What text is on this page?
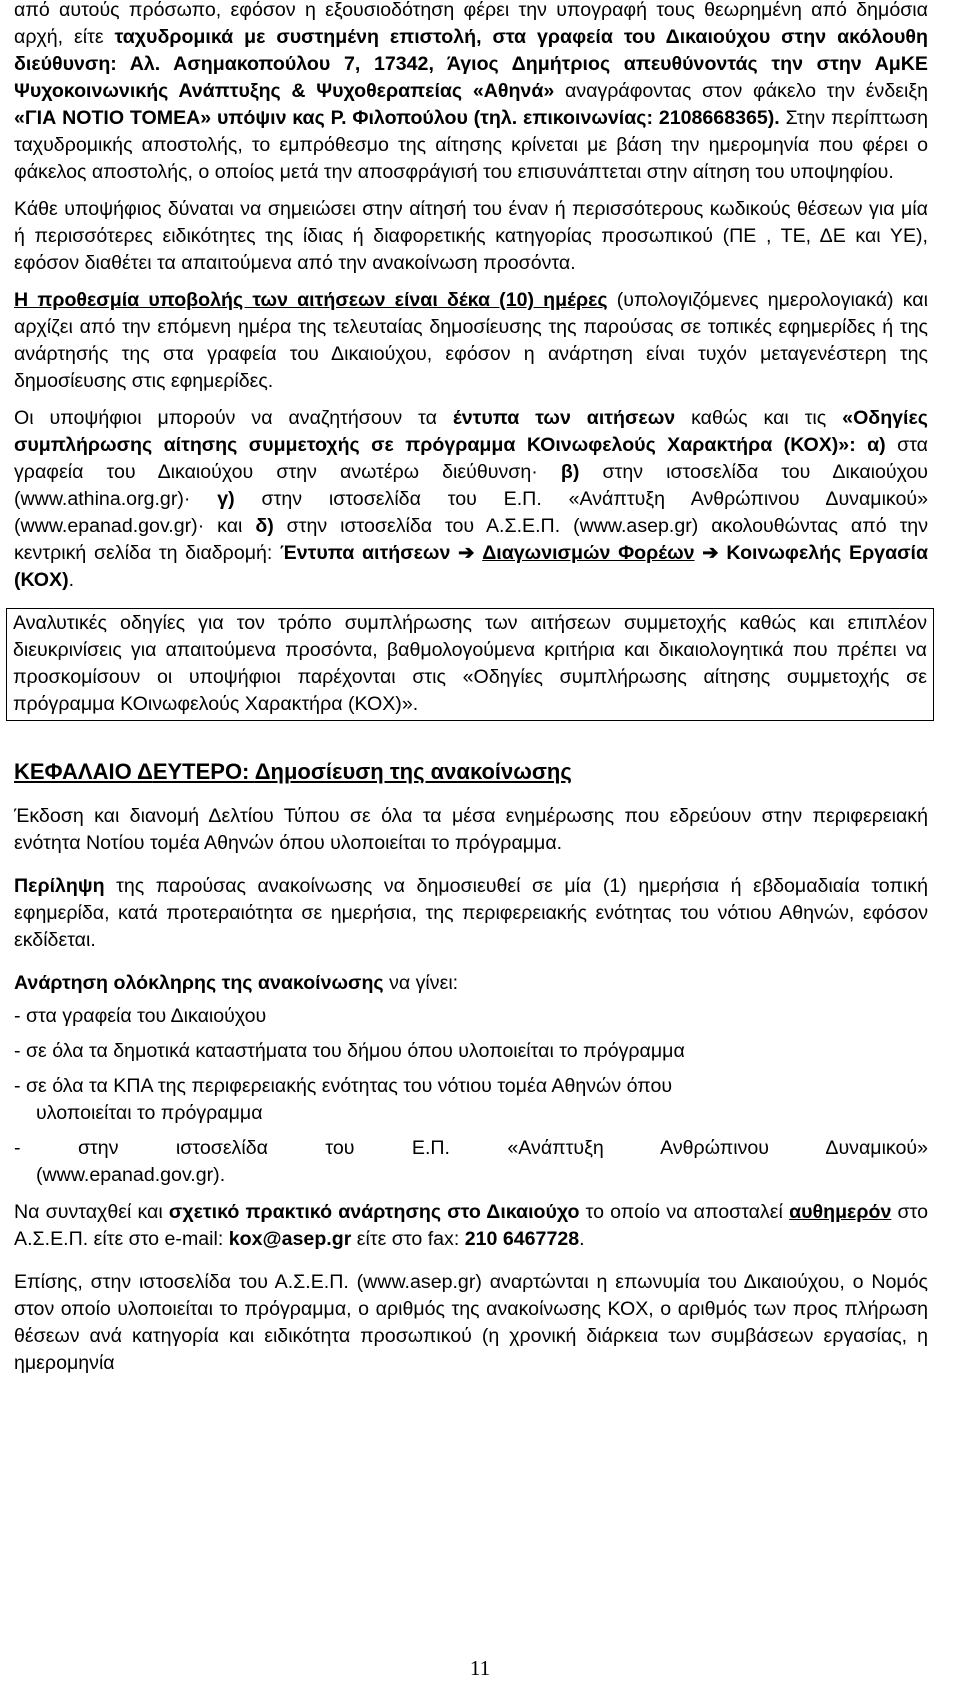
από αυτούς πρόσωπο, εφόσον η εξουσιοδότηση φέρει την υπογραφή τους θεωρημένη από δημόσια αρχή, είτε ταχυδρομικά με συστημένη επιστολή, στα γραφεία του Δικαιούχου στην ακόλουθη διεύθυνση: Αλ. Ασημακοπούλου 7, 17342, Άγιος Δημήτριος απευθύνοντάς την στην ΑμΚΕ Ψυχοκοινωνικής Ανάπτυξης & Ψυχοθεραπείας «Αθηνά» αναγράφοντας στον φάκελο την ένδειξη «ΓΙΑ ΝΟΤΙΟ ΤΟΜΕΑ» υπόψιν κας Ρ. Φιλοπούλου (τηλ. επικοινωνίας: 2108668365). Στην περίπτωση ταχυδρομικής αποστολής, το εμπρόθεσμο της αίτησης κρίνεται με βάση την ημερομηνία που φέρει ο φάκελος αποστολής, ο οποίος μετά την αποσφράγισή του επισυνάπτεται στην αίτηση του υποψηφίου.

Κάθε υποψήφιος δύναται να σημειώσει στην αίτησή του έναν ή περισσότερους κωδικούς θέσεων για μία ή περισσότερες ειδικότητες της ίδιας ή διαφορετικής κατηγορίας προσωπικού (ΠΕ , ΤΕ, ΔΕ και ΥΕ), εφόσον διαθέτει τα απαιτούμενα από την ανακοίνωση προσόντα.

Η προθεσμία υποβολής των αιτήσεων είναι δέκα (10) ημέρες (υπολογιζόμενες ημερολογιακά) και αρχίζει από την επόμενη ημέρα της τελευταίας δημοσίευσης της παρούσας σε τοπικές εφημερίδες ή της ανάρτησής της στα γραφεία του Δικαιούχου, εφόσον η ανάρτηση είναι τυχόν μεταγενέστερη της δημοσίευσης στις εφημερίδες.

Οι υποψήφιοι μπορούν να αναζητήσουν τα έντυπα των αιτήσεων καθώς και τις «Οδηγίες συμπλήρωσης αίτησης συμμετοχής σε πρόγραμμα ΚΟινωφελούς Χαρακτήρα (ΚΟΧ)»: α) στα γραφεία του Δικαιούχου στην ανωτέρω διεύθυνση· β) στην ιστοσελίδα του Δικαιούχου (www.athina.org.gr)· γ) στην ιστοσελίδα του Ε.Π. «Ανάπτυξη Ανθρώπινου Δυναμικού» (www.epanad.gov.gr)· και δ) στην ιστοσελίδα του Α.Σ.Ε.Π. (www.asep.gr) ακολουθώντας από την κεντρική σελίδα τη διαδρομή: Έντυπα αιτήσεων ➔ Διαγωνισμών Φορέων ➔ Κοινωφελής Εργασία (ΚΟΧ).

Αναλυτικές οδηγίες για τον τρόπο συμπλήρωσης των αιτήσεων συμμετοχής καθώς και επιπλέον διευκρινίσεις για απαιτούμενα προσόντα, βαθμολογούμενα κριτήρια και δικαιολογητικά που πρέπει να προσκομίσουν οι υποψήφιοι παρέχονται στις «Οδηγίες συμπλήρωσης αίτησης συμμετοχής σε πρόγραμμα ΚΟινωφελούς Χαρακτήρα (ΚΟΧ)».

ΚΕΦΑΛΑΙΟ ΔΕΥΤΕΡΟ: Δημοσίευση της ανακοίνωσης

Έκδοση και διανομή Δελτίου Τύπου σε όλα τα μέσα ενημέρωσης που εδρεύουν στην περιφερειακή ενότητα Νοτίου τομέα Αθηνών όπου υλοποιείται το πρόγραμμα.

Περίληψη της παρούσας ανακοίνωσης να δημοσιευθεί σε μία (1) ημερήσια ή εβδομαδιαία τοπική εφημερίδα, κατά προτεραιότητα σε ημερήσια, της περιφερειακής ενότητας του νότιου Αθηνών, εφόσον εκδίδεται.

Ανάρτηση ολόκληρης της ανακοίνωσης να γίνει:

- στα γραφεία του Δικαιούχου

- σε όλα τα δημοτικά καταστήματα του δήμου όπου υλοποιείται το πρόγραμμα

- σε όλα τα ΚΠΑ της περιφερειακής ενότητας του νότιου τομέα Αθηνών όπου
υλοποιείται το πρόγραμμα

- στην ιστοσελίδα του Ε.Π. «Ανάπτυξη Ανθρώπινου Δυναμικού»
(www.epanad.gov.gr).

Να συνταχθεί και σχετικό πρακτικό ανάρτησης στο Δικαιούχο το οποίο να αποσταλεί αυθημερόν στο Α.Σ.Ε.Π. είτε στο e-mail: kox@asep.gr είτε στο fax: 210 6467728.

Επίσης, στην ιστοσελίδα του Α.Σ.Ε.Π. (www.asep.gr) αναρτώνται η επωνυμία του Δικαιούχου, ο Νομός στον οποίο υλοποιείται το πρόγραμμα, ο αριθμός της ανακοίνωσης ΚΟΧ, ο αριθμός των προς πλήρωση θέσεων ανά κατηγορία και ειδικότητα προσωπικού (η χρονική διάρκεια των συμβάσεων εργασίας, η ημερομηνία

11
